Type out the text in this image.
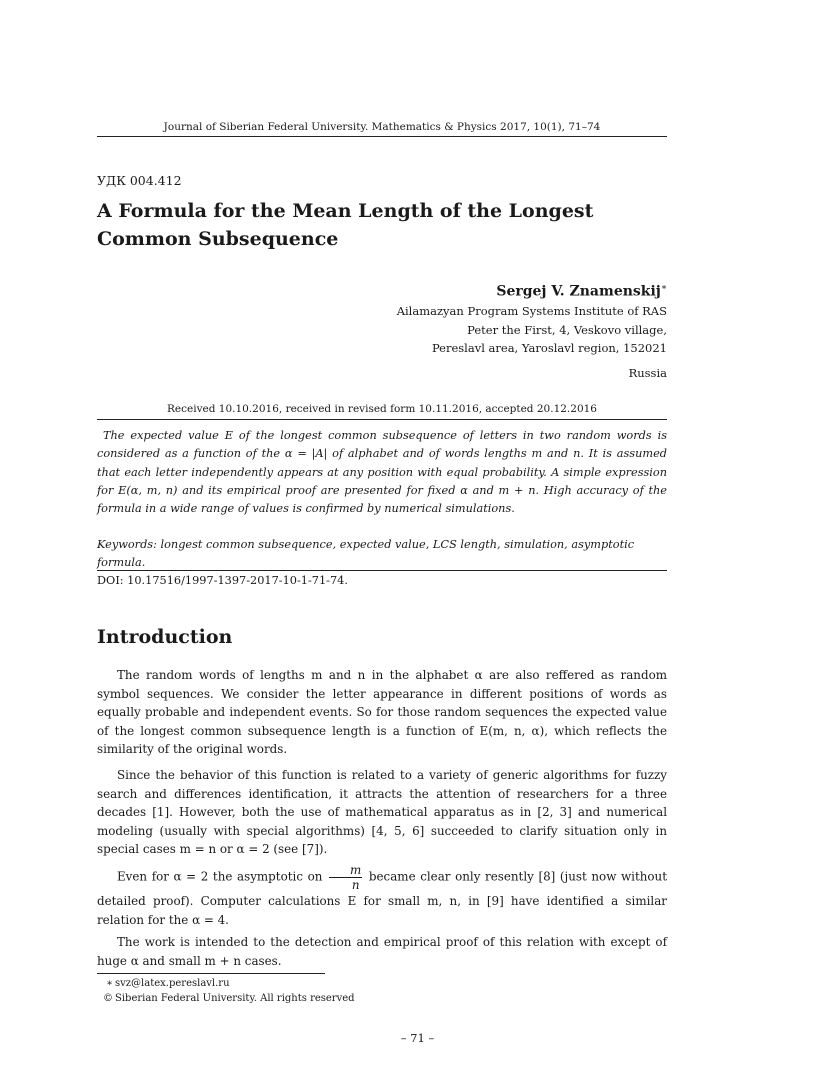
Journal of Siberian Federal University. Mathematics & Physics 2017, 10(1), 71–74
УДК 004.412
A Formula for the Mean Length of the Longest Common Subsequence
Sergej V. Znamenskij∗
Ailamazyan Program Systems Institute of RAS
Peter the First, 4, Veskovo village,
Pereslavl area, Yaroslavl region, 152021
Russia
Received 10.10.2016, received in revised form 10.11.2016, accepted 20.12.2016
The expected value E of the longest common subsequence of letters in two random words is considered as a function of the α = |A| of alphabet and of words lengths m and n. It is assumed that each letter independently appears at any position with equal probability. A simple expression for E(α, m, n) and its empirical proof are presented for fixed α and m + n. High accuracy of the formula in a wide range of values is confirmed by numerical simulations.
Keywords: longest common subsequence, expected value, LCS length, simulation, asymptotic formula.
DOI: 10.17516/1997-1397-2017-10-1-71-74.
Introduction

The random words of lengths m and n in the alphabet α are also reffered as random symbol sequences. We consider the letter appearance in different positions of words as equally probable and independent events. So for those random sequences the expected value of the longest common subsequence length is a function of E(m, n, α), which reflects the similarity of the original words.

Since the behavior of this function is related to a variety of generic algorithms for fuzzy search and differences identification, it attracts the attention of researchers for a three decades [1]. However, both the use of mathematical apparatus as in [2, 3] and numerical modeling (usually with special algorithms) [4, 5, 6] succeeded to clarify situation only in special cases m = n or α = 2 (see [7]).

Even for α = 2 the asymptotic on $\frac{m}{n}$ became clear only resently [8] (just now without detailed proof). Computer calculations E for small m, n, in [9] have identified a similar relation for the α = 4.

The work is intended to the detection and empirical proof of this relation with except of huge α and small m + n cases.

∗ svz@latex.pereslavl.ru
© Siberian Federal University. All rights reserved
– 71 –
